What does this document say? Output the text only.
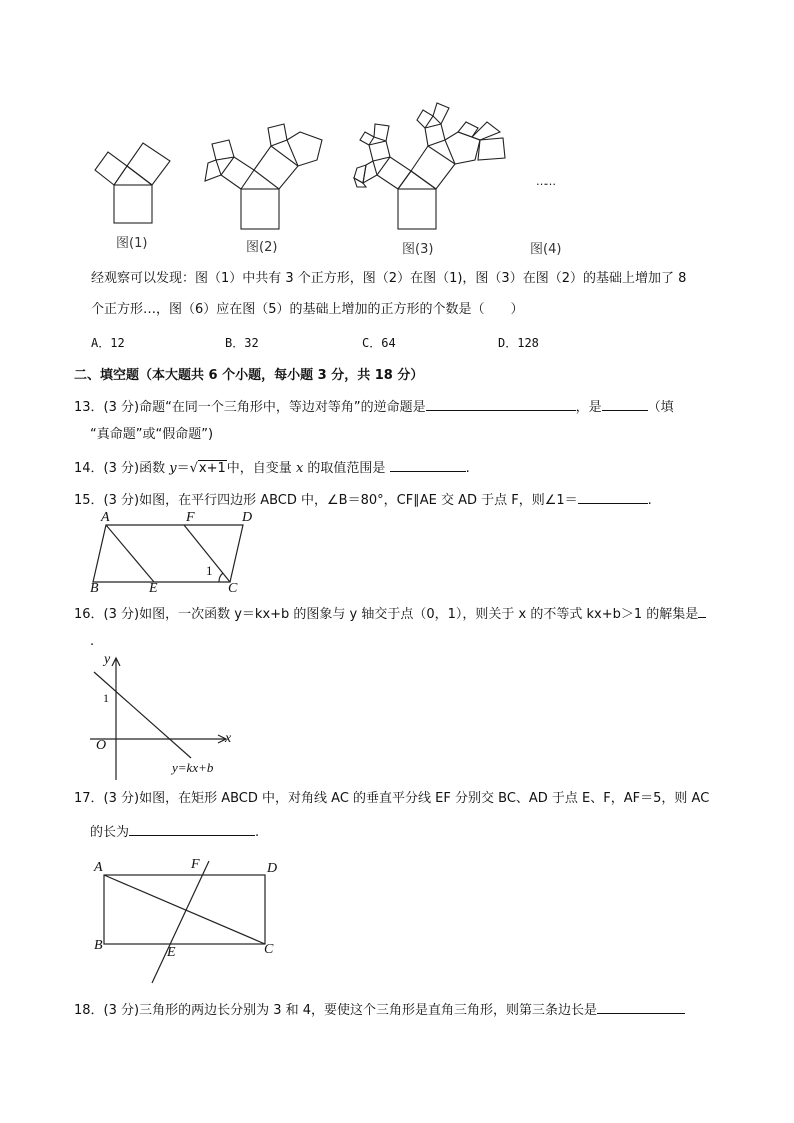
……
图(1)	图(2)	图(3)	图(4)
经观察可以发现：图（1）中共有 3 个正方形，图（2）在图（1)，图（3）在图（2）的基础上增加了 8
个正方形…，图（6）应在图（5）的基础上增加的正方形的个数是（　　）
A．12	B．32	C．64	D．128
二、填空题（本大题共 6 个小题，每小题 3 分，共 18 分）
13．(3 分)命题“在同一个三角形中，等边对等角”的逆命题是	，是	（填
“真命题”或“假命题”)
14．(3 分)函数 y＝√x+1中，自变量 x 的取值范围是	.
15．(3 分)如图，在平行四边形 ABCD 中，∠B＝80°，CF∥AE 交 AD 于点 F，则∠1＝	.
A	F	D
B	E	C
1
16．(3 分)如图，一次函数 y＝kx+b 的图象与 y 轴交于点（0，1），则关于 x 的不等式 kx+b＞1 的解集是
.
y
x
O
1
y=kx+b
17．(3 分)如图，在矩形 ABCD 中，对角线 AC 的垂直平分线 EF 分别交 BC、AD 于点 E、F，AF＝5，则 AC
的长为	.
A	F	D
B	E	C
18．(3 分)三角形的两边长分别为 3 和 4，要使这个三角形是直角三角形，则第三条边长是
